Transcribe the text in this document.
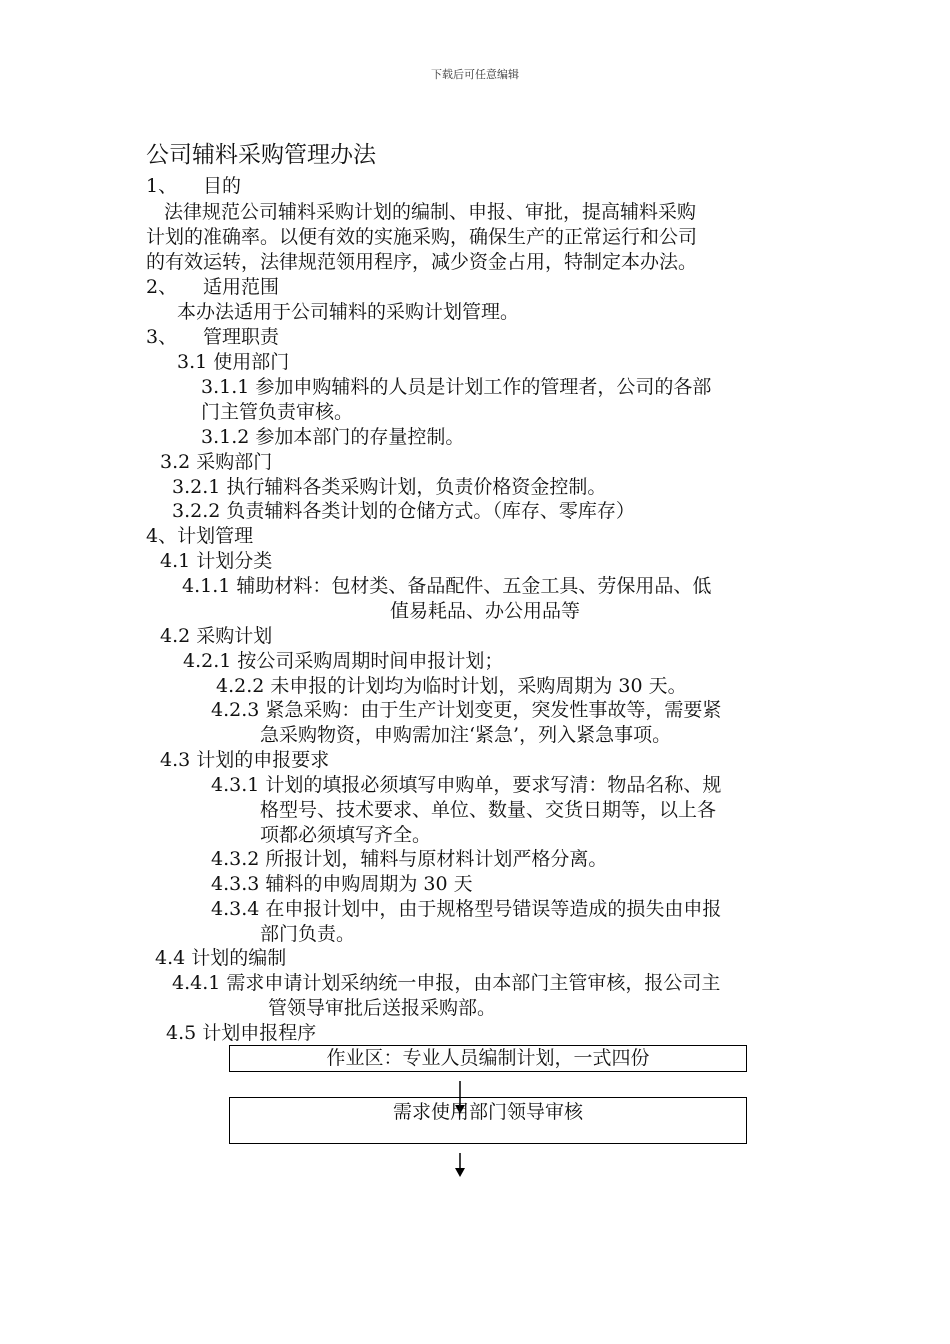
下载后可任意编辑
公司辅料采购管理办法
1、 目的
法律规范公司辅料采购计划的编制、申报、审批，提高辅料采购
计划的准确率。以便有效的实施采购，确保生产的正常运行和公司
的有效运转，法律规范领用程序，减少资金占用，特制定本办法。
2、 适用范围
本办法适用于公司辅料的采购计划管理。
3、 管理职责
3.1 使用部门
3.1.1 参加申购辅料的人员是计划工作的管理者，公司的各部
门主管负责审核。
3.1.2 参加本部门的存量控制。
3.2 采购部门
3.2.1 执行辅料各类采购计划，负责价格资金控制。
3.2.2 负责辅料各类计划的仓储方式。（库存、零库存）
4、计划管理
4.1 计划分类
4.1.1 辅助材料：包材类、备品配件、五金工具、劳保用品、低
值易耗品、办公用品等
4.2 采购计划
4.2.1 按公司采购周期时间申报计划；
4.2.2 未申报的计划均为临时计划，采购周期为 30 天。
4.2.3 紧急采购：由于生产计划变更，突发性事故等，需要紧
急采购物资，申购需加注‘紧急’，列入紧急事项。
4.3 计划的申报要求
4.3.1 计划的填报必须填写申购单，要求写清：物品名称、规
格型号、技术要求、单位、数量、交货日期等，以上各
项都必须填写齐全。
4.3.2 所报计划，辅料与原材料计划严格分离。
4.3.3 辅料的申购周期为 30 天
4.3.4 在申报计划中，由于规格型号错误等造成的损失由申报
部门负责。
4.4 计划的编制
4.4.1 需求申请计划采纳统一申报，由本部门主管审核，报公司主
管领导审批后送报采购部。
4.5 计划申报程序
作业区：专业人员编制计划，一式四份
需求使用部门领导审核
